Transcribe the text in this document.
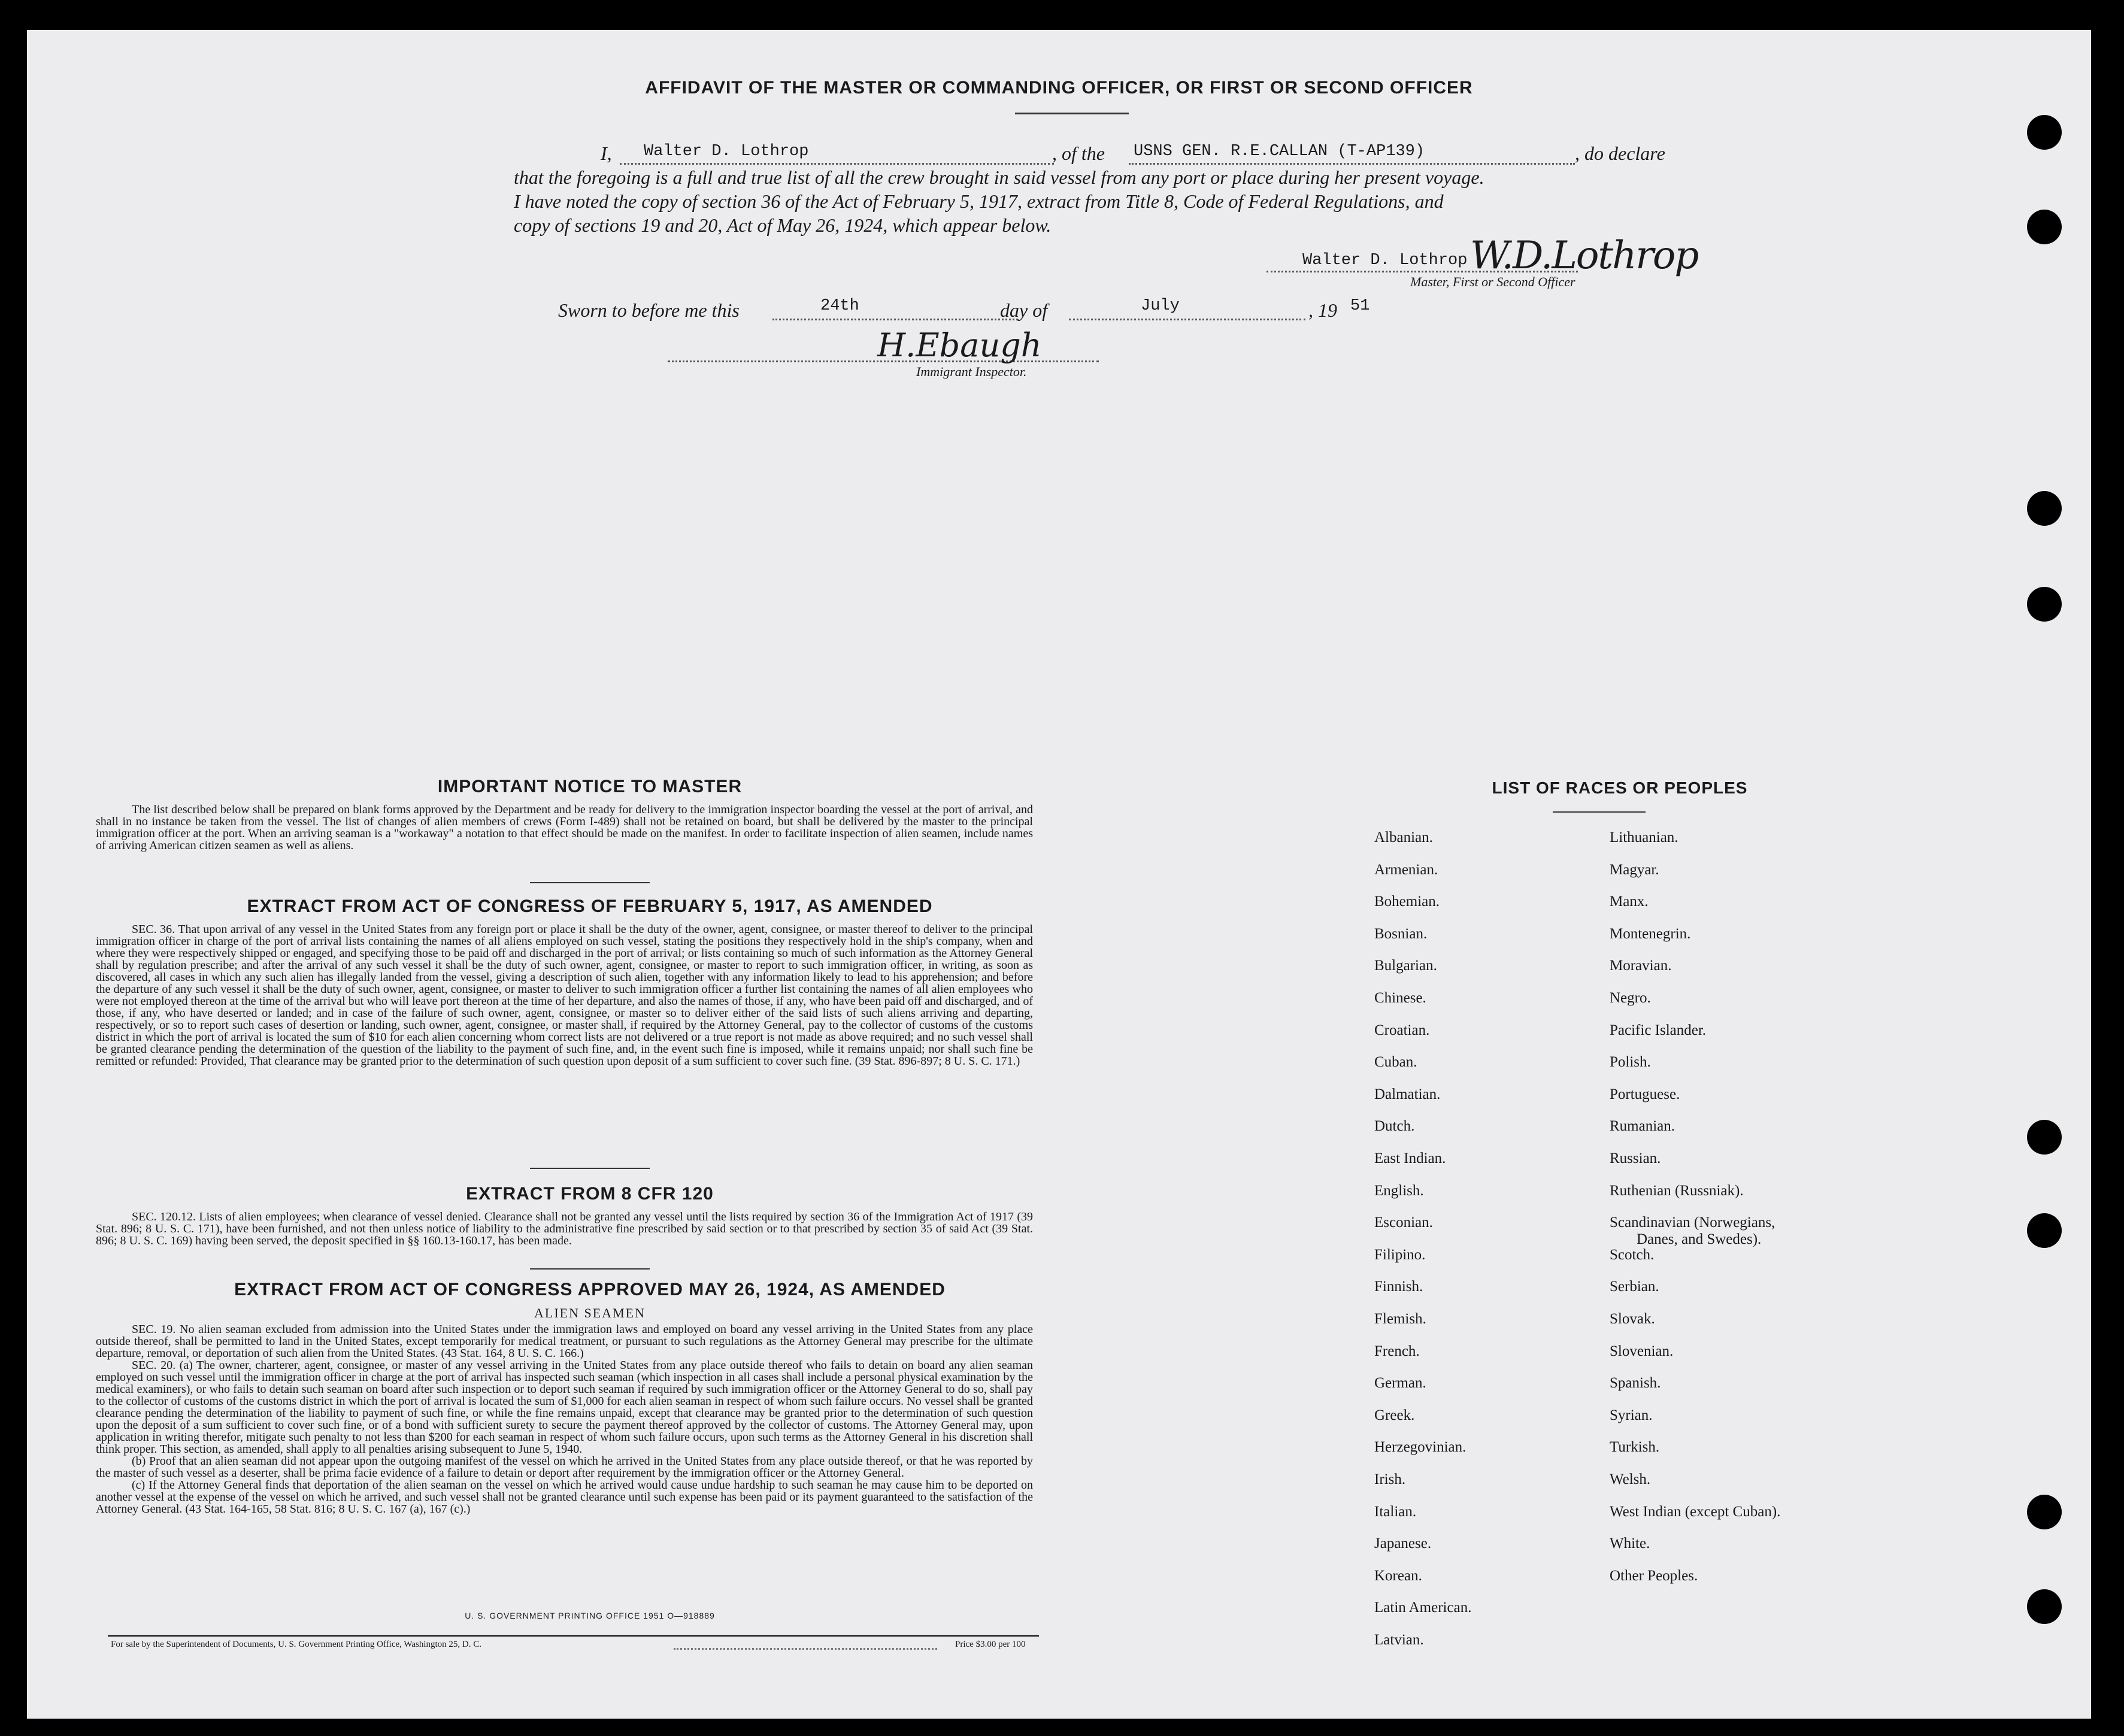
AFFIDAVIT OF THE MASTER OR COMMANDING OFFICER, OR FIRST OR SECOND OFFICER
I, Walter D. Lothrop	, of the USNS GEN. R.E.CALLAN (T-AP139)	, do declare
that the foregoing is a full and true list of all the crew brought in said vessel from any port or place during her present voyage.
I have noted the copy of section 36 of the Act of February 5, 1917, extract from Title 8, Code of Federal Regulations, and
copy of sections 19 and 20, Act of May 26, 1924, which appear below.
Walter D. Lothrop W.D.Lothrop
Master, First or Second Officer
Sworn to before me this	24th	day of	July	, 19 51
H.Ebaugh
Immigrant Inspector.
IMPORTANT NOTICE TO MASTER
The list described below shall be prepared on blank forms approved by the Department and be ready for delivery to the immigration inspector boarding the vessel at the port of arrival, and shall in no instance be taken from the vessel. The list of changes of alien members of crews (Form I-489) shall not be retained on board, but shall be delivered by the master to the principal immigration officer at the port. When an arriving seaman is a "workaway" a notation to that effect should be made on the manifest. In order to facilitate inspection of alien seamen, include names of arriving American citizen seamen as well as aliens.
EXTRACT FROM ACT OF CONGRESS OF FEBRUARY 5, 1917, AS AMENDED
SEC. 36. That upon arrival of any vessel in the United States from any foreign port or place it shall be the duty of the owner, agent, consignee, or master thereof to deliver to the principal immigration officer in charge of the port of arrival lists containing the names of all aliens employed on such vessel, stating the positions they respectively hold in the ship's company, when and where they were respectively shipped or engaged, and specifying those to be paid off and discharged in the port of arrival; or lists containing so much of such information as the Attorney General shall by regulation prescribe; and after the arrival of any such vessel it shall be the duty of such owner, agent, consignee, or master to report to such immigration officer, in writing, as soon as discovered, all cases in which any such alien has illegally landed from the vessel, giving a description of such alien, together with any information likely to lead to his apprehension; and before the departure of any such vessel it shall be the duty of such owner, agent, consignee, or master to deliver to such immigration officer a further list containing the names of all alien employees who were not employed thereon at the time of the arrival but who will leave port thereon at the time of her departure, and also the names of those, if any, who have been paid off and discharged, and of those, if any, who have deserted or landed; and in case of the failure of such owner, agent, consignee, or master so to deliver either of the said lists of such aliens arriving and departing, respectively, or so to report such cases of desertion or landing, such owner, agent, consignee, or master shall, if required by the Attorney General, pay to the collector of customs of the customs district in which the port of arrival is located the sum of $10 for each alien concerning whom correct lists are not delivered or a true report is not made as above required; and no such vessel shall be granted clearance pending the determination of the question of the liability to the payment of such fine, and, in the event such fine is imposed, while it remains unpaid; nor shall such fine be remitted or refunded: Provided, That clearance may be granted prior to the determination of such question upon deposit of a sum sufficient to cover such fine. (39 Stat. 896-897; 8 U. S. C. 171.)
EXTRACT FROM 8 CFR 120
SEC. 120.12. Lists of alien employees; when clearance of vessel denied. Clearance shall not be granted any vessel until the lists required by section 36 of the Immigration Act of 1917 (39 Stat. 896; 8 U. S. C. 171), have been furnished, and not then unless notice of liability to the administrative fine prescribed by said section or to that prescribed by section 35 of said Act (39 Stat. 896; 8 U. S. C. 169) having been served, the deposit specified in §§ 160.13-160.17, has been made.
EXTRACT FROM ACT OF CONGRESS APPROVED MAY 26, 1924, AS AMENDED
ALIEN SEAMEN
SEC. 19. No alien seaman excluded from admission into the United States under the immigration laws and employed on board any vessel arriving in the United States from any place outside thereof, shall be permitted to land in the United States, except temporarily for medical treatment, or pursuant to such regulations as the Attorney General may prescribe for the ultimate departure, removal, or deportation of such alien from the United States. (43 Stat. 164, 8 U. S. C. 166.)
SEC. 20. (a) The owner, charterer, agent, consignee, or master of any vessel arriving in the United States from any place outside thereof who fails to detain on board any alien seaman employed on such vessel until the immigration officer in charge at the port of arrival has inspected such seaman (which inspection in all cases shall include a personal physical examination by the medical examiners), or who fails to detain such seaman on board after such inspection or to deport such seaman if required by such immigration officer or the Attorney General to do so, shall pay to the collector of customs of the customs district in which the port of arrival is located the sum of $1,000 for each alien seaman in respect of whom such failure occurs. No vessel shall be granted clearance pending the determination of the liability to payment of such fine, or while the fine remains unpaid, except that clearance may be granted prior to the determination of such question upon the deposit of a sum sufficient to cover such fine, or of a bond with sufficient surety to secure the payment thereof approved by the collector of customs. The Attorney General may, upon application in writing therefor, mitigate such penalty to not less than $200 for each seaman in respect of whom such failure occurs, upon such terms as the Attorney General in his discretion shall think proper. This section, as amended, shall apply to all penalties arising subsequent to June 5, 1940.
(b) Proof that an alien seaman did not appear upon the outgoing manifest of the vessel on which he arrived in the United States from any place outside thereof, or that he was reported by the master of such vessel as a deserter, shall be prima facie evidence of a failure to detain or deport after requirement by the immigration officer or the Attorney General.
(c) If the Attorney General finds that deportation of the alien seaman on the vessel on which he arrived would cause undue hardship to such seaman he may cause him to be deported on another vessel at the expense of the vessel on which he arrived, and such vessel shall not be granted clearance until such expense has been paid or its payment guaranteed to the satisfaction of the Attorney General. (43 Stat. 164-165, 58 Stat. 816; 8 U. S. C. 167 (a), 167 (c).)
U. S. GOVERNMENT PRINTING OFFICE 1951 O—918889
For sale by the Superintendent of Documents, U. S. Government Printing Office, Washington 25, D. C.	Price $3.00 per 100
LIST OF RACES OR PEOPLES
Albanian.
Armenian.
Bohemian.
Bosnian.
Bulgarian.
Chinese.
Croatian.
Cuban.
Dalmatian.
Dutch.
East Indian.
English.
Esconian.
Filipino.
Finnish.
Flemish.
French.
German.
Greek.
Herzegovinian.
Irish.
Italian.
Japanese.
Korean.
Latin American.
Latvian.
Lithuanian.
Magyar.
Manx.
Montenegrin.
Moravian.
Negro.
Pacific Islander.
Polish.
Portuguese.
Rumanian.
Russian.
Ruthenian (Russniak).
Scandinavian (Norwegians,
Danes, and Swedes).
Scotch.
Serbian.
Slovak.
Slovenian.
Spanish.
Syrian.
Turkish.
Welsh.
West Indian (except Cuban).
White.
Other Peoples.
